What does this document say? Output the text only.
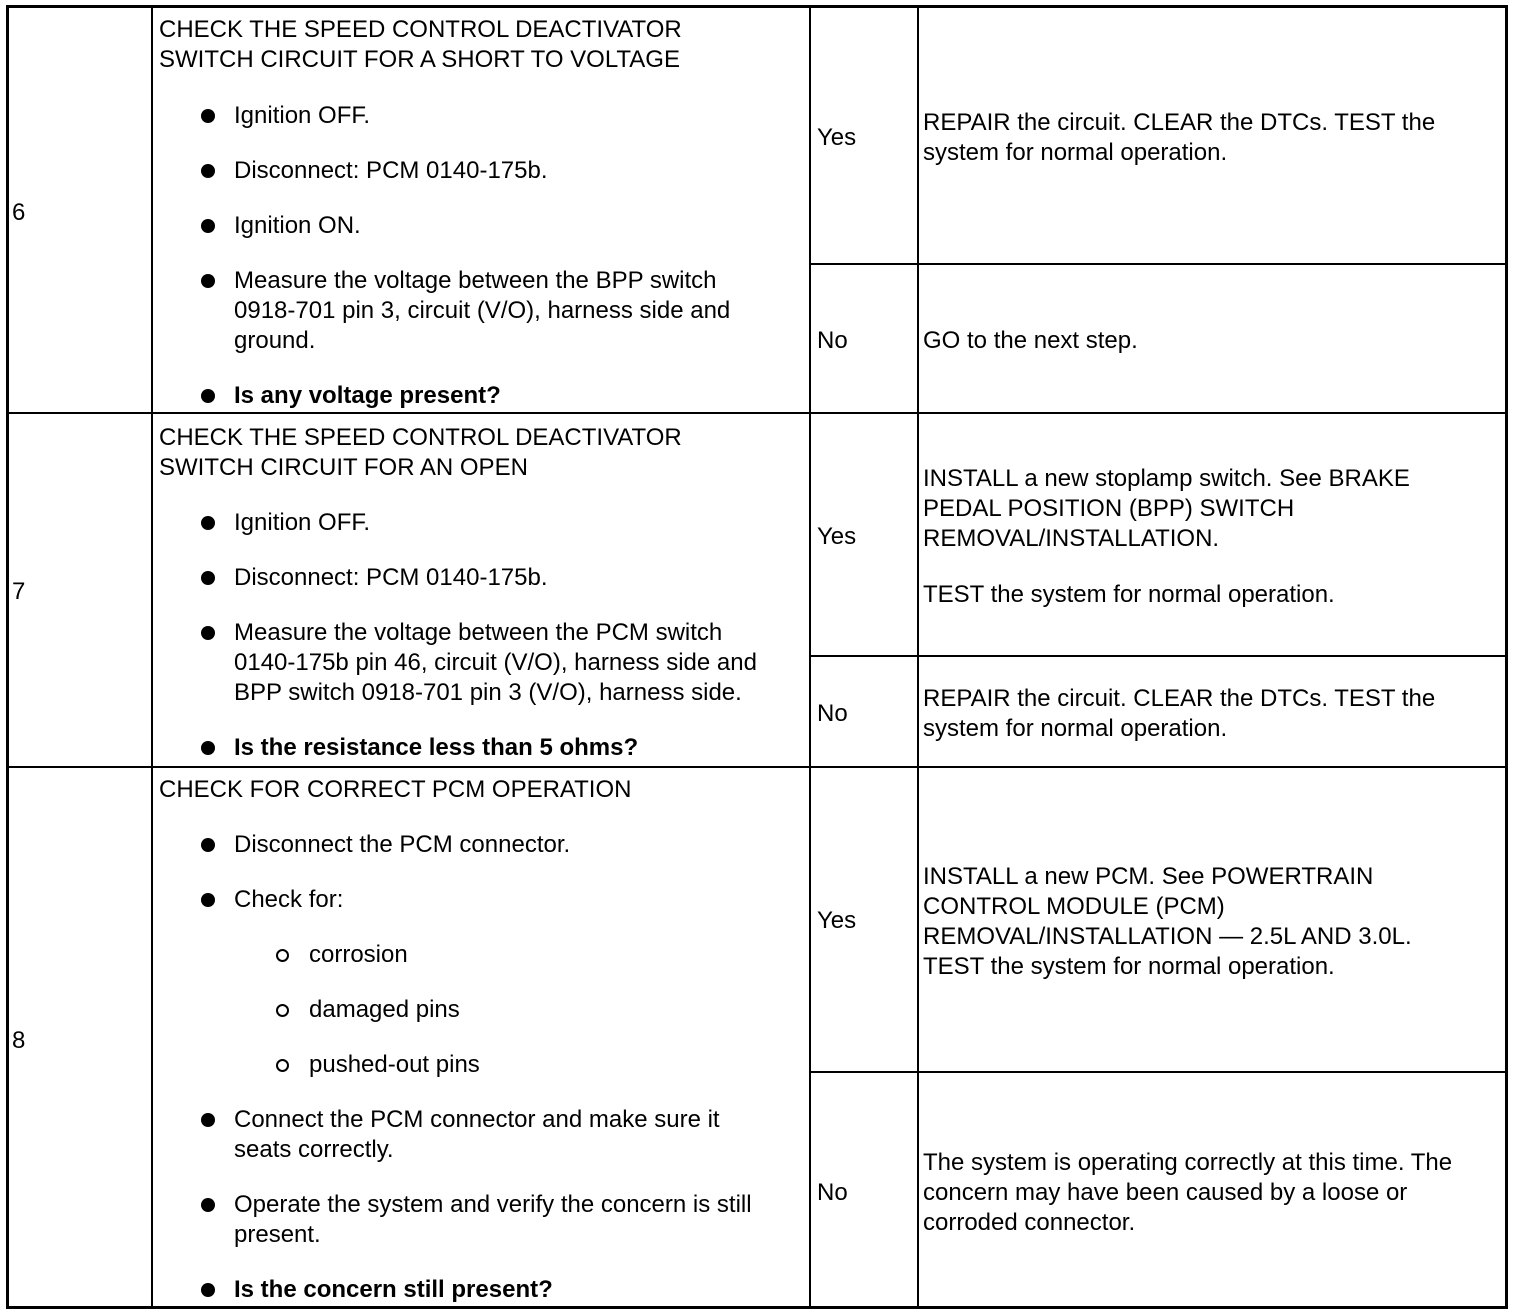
6
CHECK THE SPEED CONTROL DEACTIVATOR
SWITCH CIRCUIT FOR A SHORT TO VOLTAGE
Ignition OFF.
Disconnect: PCM 0140-175b.
Ignition ON.
Measure the voltage between the BPP switch
0918-701 pin 3, circuit (V/O), harness side and
ground.
Is any voltage present?
Yes
REPAIR the circuit. CLEAR the DTCs. TEST the
system for normal operation.
No	GO to the next step.
7
CHECK THE SPEED CONTROL DEACTIVATOR
SWITCH CIRCUIT FOR AN OPEN
Ignition OFF.
Disconnect: PCM 0140-175b.
Measure the voltage between the PCM switch
0140-175b pin 46, circuit (V/O), harness side and
BPP switch 0918-701 pin 3 (V/O), harness side.
Is the resistance less than 5 ohms?
Yes
INSTALL a new stoplamp switch. See BRAKE
PEDAL POSITION (BPP) SWITCH
REMOVAL/INSTALLATION.
TEST the system for normal operation.
No
REPAIR the circuit. CLEAR the DTCs. TEST the
system for normal operation.
8
CHECK FOR CORRECT PCM OPERATION
Disconnect the PCM connector.
Check for:
corrosion
damaged pins
pushed-out pins
Connect the PCM connector and make sure it
seats correctly.
Operate the system and verify the concern is still
present.
Is the concern still present?
Yes
INSTALL a new PCM. See POWERTRAIN
CONTROL MODULE (PCM)
REMOVAL/INSTALLATION — 2.5L AND 3.0L.
TEST the system for normal operation.
No
The system is operating correctly at this time. The
concern may have been caused by a loose or
corroded connector.
